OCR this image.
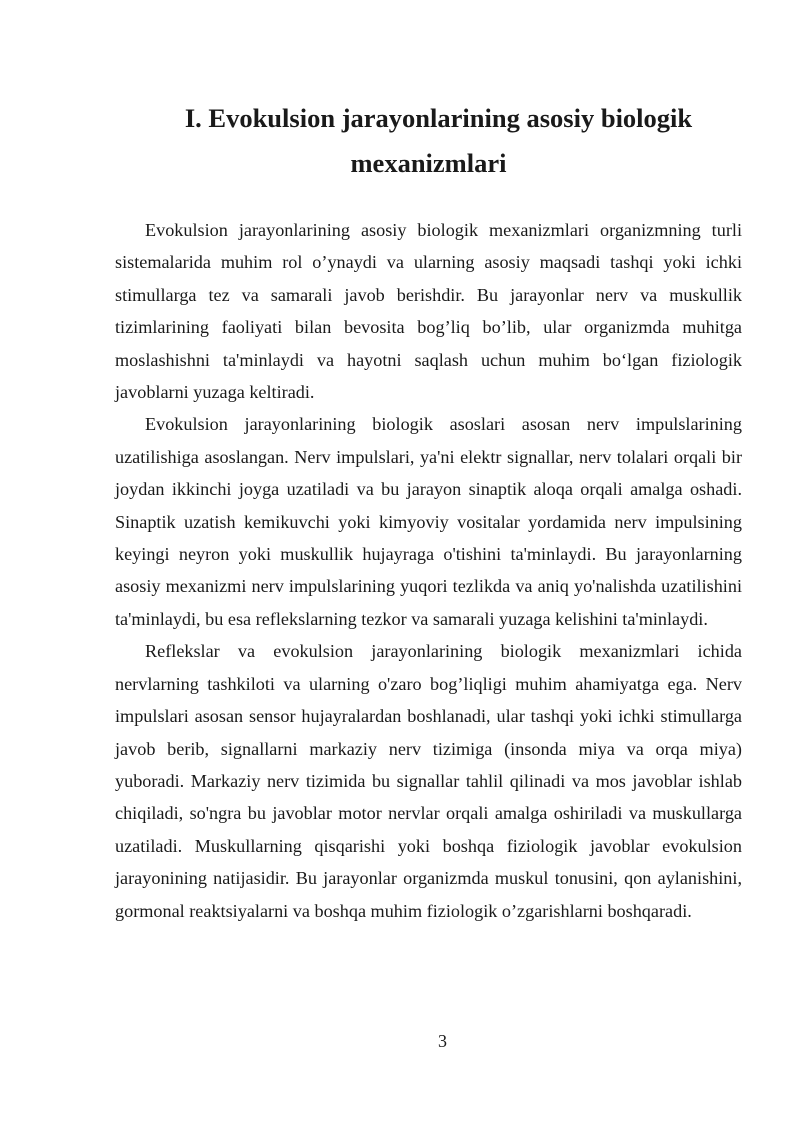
I. Evokulsion jarayonlarining asosiy biologik mexanizmlari

Evokulsion jarayonlarining asosiy biologik mexanizmlari organizmning turli sistemalarida muhim rol o’ynaydi va ularning asosiy maqsadi tashqi yoki ichki stimullarga tez va samarali javob berishdir. Bu jarayonlar nerv va muskullik tizimlarining faoliyati bilan bevosita bog’liq bo’lib, ular organizmda muhitga moslashishni ta'minlaydi va hayotni saqlash uchun muhim bo‘lgan fiziologik javoblarni yuzaga keltiradi.

Evokulsion jarayonlarining biologik asoslari asosan nerv impulslarining uzatilishiga asoslangan. Nerv impulslari, ya'ni elektr signallar, nerv tolalari orqali bir joydan ikkinchi joyga uzatiladi va bu jarayon sinaptik aloqa orqali amalga oshadi. Sinaptik uzatish kemikuvchi yoki kimyoviy vositalar yordamida nerv impulsining keyingi neyron yoki muskullik hujayraga o'tishini ta'minlaydi. Bu jarayonlarning asosiy mexanizmi nerv impulslarining yuqori tezlikda va aniq yo'nalishda uzatilishini ta'minlaydi, bu esa reflekslarning tezkor va samarali yuzaga kelishini ta'minlaydi.

Reflekslar va evokulsion jarayonlarining biologik mexanizmlari ichida nervlarning tashkiloti va ularning o'zaro bog’liqligi muhim ahamiyatga ega. Nerv impulslari asosan sensor hujayralardan boshlanadi, ular tashqi yoki ichki stimullarga javob berib, signallarni markaziy nerv tizimiga (insonda miya va orqa miya) yuboradi. Markaziy nerv tizimida bu signallar tahlil qilinadi va mos javoblar ishlab chiqiladi, so'ngra bu javoblar motor nervlar orqali amalga oshiriladi va muskullarga uzatiladi. Muskullarning qisqarishi yoki boshqa fiziologik javoblar evokulsion jarayonining natijasidir. Bu jarayonlar organizmda muskul tonusini, qon aylanishini, gormonal reaktsiyalarni va boshqa muhim fiziologik o’zgarishlarni boshqaradi.

3
